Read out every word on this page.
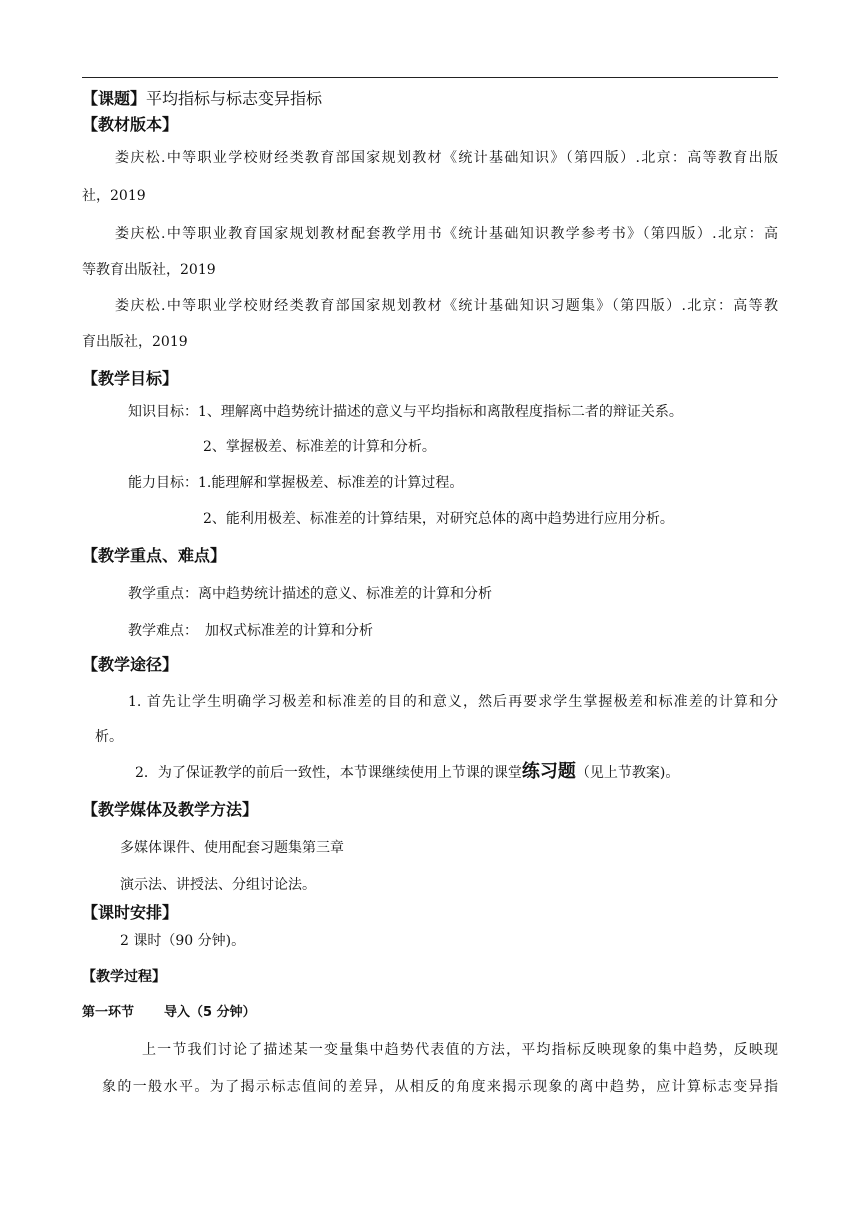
【课题】平均指标与标志变异指标
【教材版本】
娄庆松.中等职业学校财经类教育部国家规划教材《统计基础知识》（第四版）.北京：高等教育出版
社，2019
娄庆松.中等职业教育国家规划教材配套教学用书《统计基础知识教学参考书》（第四版）.北京：高
等教育出版社，2019
娄庆松.中等职业学校财经类教育部国家规划教材《统计基础知识习题集》（第四版）.北京：高等教
育出版社，2019
【教学目标】
知识目标：1、理解离中趋势统计描述的意义与平均指标和离散程度指标二者的辩证关系。
2、掌握极差、标准差的计算和分析。
能力目标：1.能理解和掌握极差、标准差的计算过程。
2、能利用极差、标准差的计算结果，对研究总体的离中趋势进行应用分析。
【教学重点、难点】
教学重点：离中趋势统计描述的意义、标准差的计算和分析
教学难点：　加权式标准差的计算和分析
【教学途径】
1. 首先让学生明确学习极差和标准差的目的和意义，然后再要求学生掌握极差和标准差的计算和分
析。
2．为了保证教学的前后一致性，本节课继续使用上节课的课堂练习题（见上节教案)。
【教学媒体及教学方法】
多媒体课件、使用配套习题集第三章
演示法、讲授法、分组讨论法。
【课时安排】
2 课时（90 分钟)。
【教学过程】
第一环节 导入（5 分钟）
上一节我们讨论了描述某一变量集中趋势代表值的方法，平均指标反映现象的集中趋势，反映现
象的一般水平。为了揭示标志值间的差异，从相反的角度来揭示现象的离中趋势，应计算标志变异指
